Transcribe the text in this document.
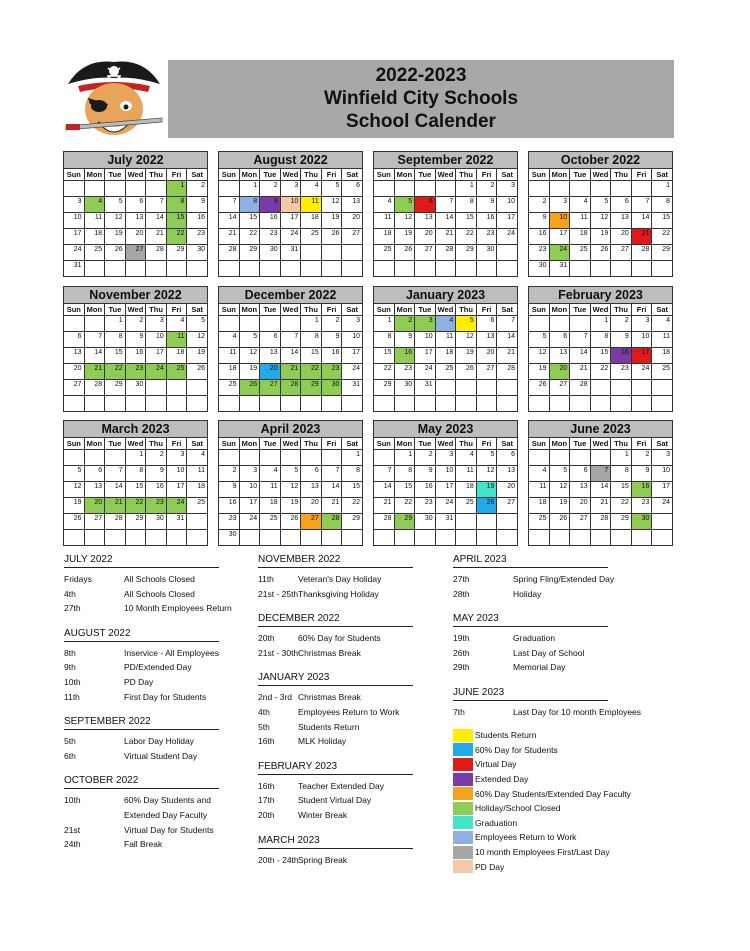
2022-2023
Winfield City Schools
School Calender
July 2022						
Sun	Mon	Tue	Wed	Thu	Fri	Sat
					1	2
3	4	5	6	7	8	9
10	11	12	13	14	15	16
17	18	19	20	21	22	23
24	25	26	27	28	29	30
31						
August 2022						
Sun	Mon	Tue	Wed	Thu	Fri	Sat
	1	2	3	4	5	6
7	8	9	10	11	12	13
14	15	16	17	18	19	20
21	22	23	24	25	26	27
28	29	30	31			

September 2022						
Sun	Mon	Tue	Wed	Thu	Fri	Sat
				1	2	3
4	5	6	7	8	9	10
11	12	13	14	15	16	17
18	19	20	21	22	23	24
25	26	27	28	29	30	

October 2022						
Sun	Mon	Tue	Wed	Thu	Fri	Sat
						1
2	3	4	5	6	7	8
9	10	11	12	13	14	15
16	17	18	19	20	21	22
23	24	25	26	27	28	29
30	31					
November 2022						
Sun	Mon	Tue	Wed	Thu	Fri	Sat
		1	2	3	4	5
6	7	8	9	10	11	12
13	14	15	16	17	18	19
20	21	22	23	24	25	26
27	28	29	30			

December 2022						
Sun	Mon	Tue	Wed	Thu	Fri	Sat
				1	2	3
4	5	6	7	8	9	10
11	12	13	14	15	16	17
18	19	20	21	22	23	24
25	26	27	28	29	30	31

January 2023						
Sun	Mon	Tue	Wed	Thu	Fri	Sat
1	2	3	4	5	6	7
8	9	10	11	12	13	14
15	16	17	18	19	20	21
22	23	24	25	26	27	28
29	30	31				

February 2023						
Sun	Mon	Tue	Wed	Thu	Fri	Sat
			1	2	3	4
5	6	7	8	9	10	11
12	13	14	15	16	17	18
19	20	21	22	23	24	25
26	27	28				

March 2023						
Sun	Mon	Tue	Wed	Thu	Fri	Sat
			1	2	3	4
5	6	7	8	9	10	11
12	13	14	15	16	17	18
19	20	21	22	23	24	25
26	27	28	29	30	31	

April 2023						
Sun	Mon	Tue	Wed	Thu	Fri	Sat
						1
2	3	4	5	6	7	8
9	10	11	12	13	14	15
16	17	18	19	20	21	22
23	24	25	26	27	28	29
30						
May 2023						
Sun	Mon	Tue	Wed	Thu	Fri	Sat
	1	2	3	4	5	6
7	8	9	10	11	12	13
14	15	16	17	18	19	20
21	22	23	24	25	26	27
28	29	30	31			

June 2023						
Sun	Mon	Tue	Wed	Thu	Fri	Sat
				1	2	3
4	5	6	7	8	9	10
11	12	13	14	15	16	17
18	19	20	21	22	23	24
25	26	27	28	29	30	

JULY 2022
Fridays	All Schools Closed
4th	All Schools Closed
27th	10 Month Employees Return
AUGUST 2022
8th	Inservice - All Employees
9th	PD/Extended Day
10th	PD Day
11th	First Day for Students
SEPTEMBER 2022
5th	Labor Day Holiday
6th	Virtual Student Day
OCTOBER 2022
10th	60% Day Students and
Extended Day Faculty
21st	Virtual Day for Students
24th	Fall Break
NOVEMBER 2022
11th	Veteran's Day Holiday
21st - 25th Thanksgiving Holiday
DECEMBER 2022
20th	60% Day for Students
21st - 30th Christmas Break
JANUARY 2023
2nd - 3rd Christmas Break
4th	Employees Return to Work
5th	Students Return
16th	MLK Holiday
FEBRUARY 2023
16th	Teacher Extended Day
17th	Student Virtual Day
20th	Winter Break
MARCH 2023
20th - 24th Spring Break
APRIL 2023
27th	Spring Fling/Extended Day
28th	Holiday
MAY 2023
19th	Graduation
26th	Last Day of School
29th	Memorial Day
JUNE 2023
7th	Last Day for 10 month Employees
Students Return
60% Day for Students
Virtual Day
Extended Day
60% Day Students/Extended Day Faculty
Holiday/School Closed
Graduation
Employees Return to Work
10 month Employees First/Last Day
PD Day
